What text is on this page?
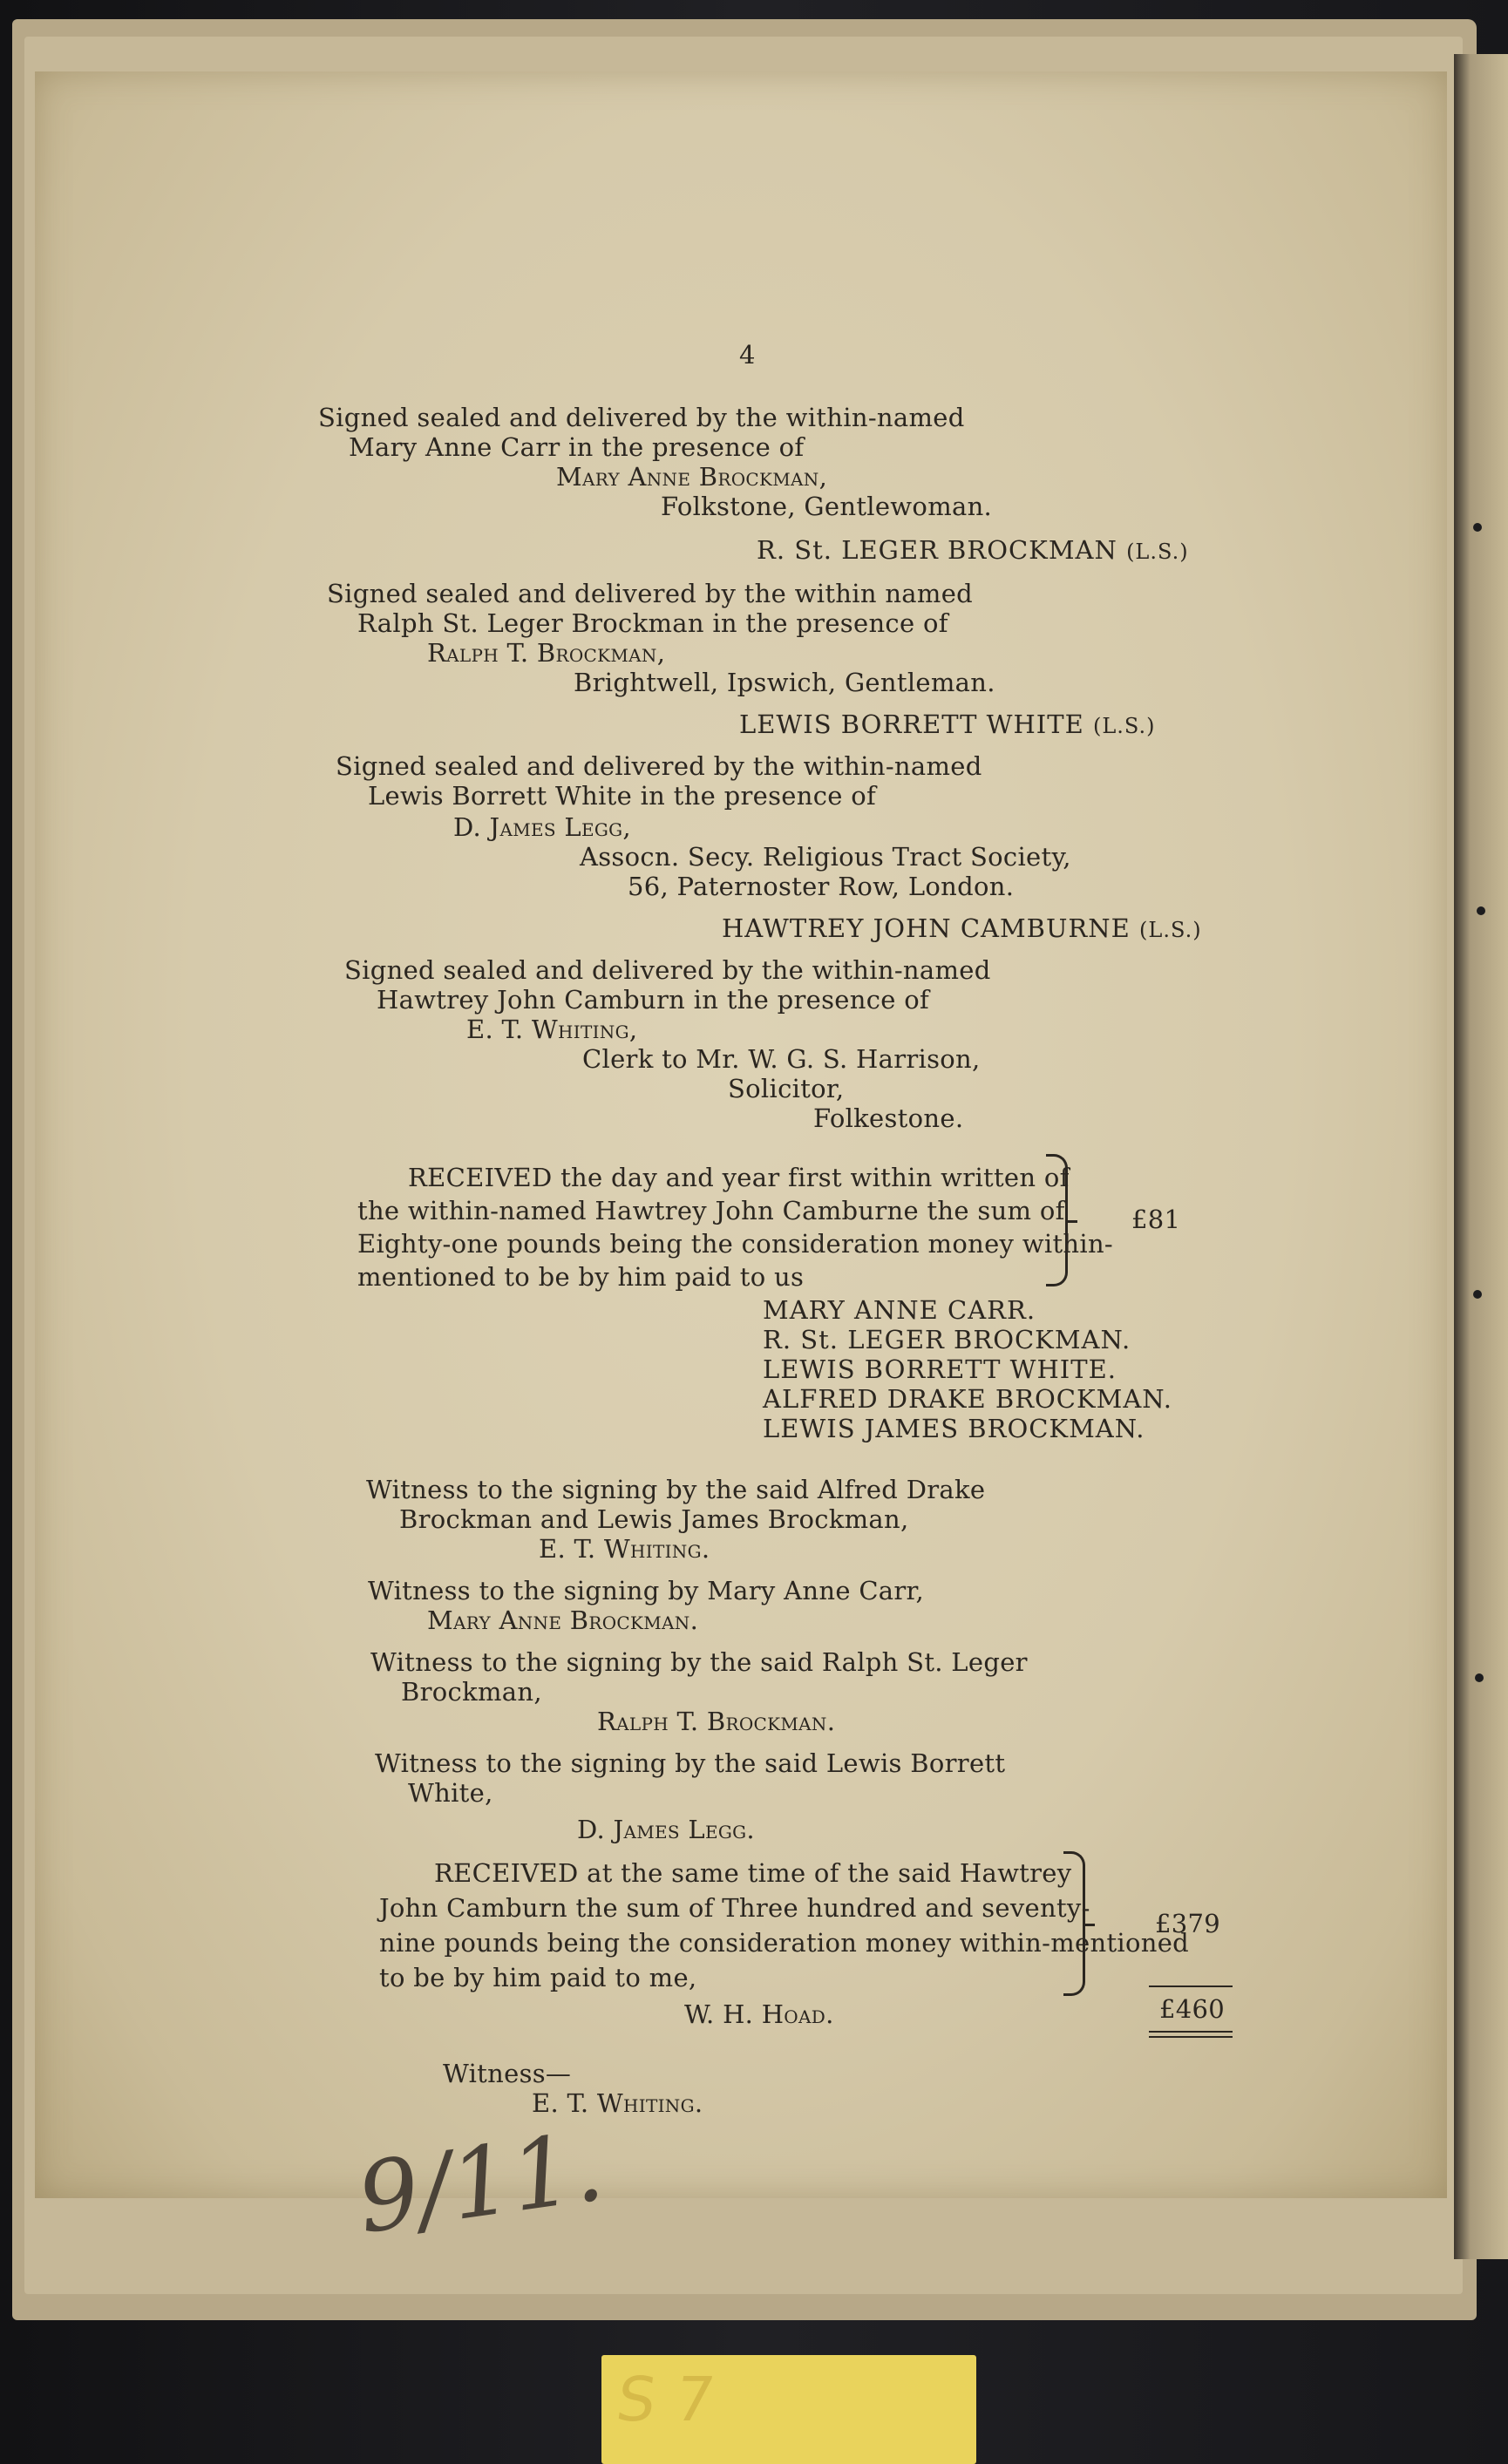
4
Signed sealed and delivered by the within-named
Mary Anne Carr in the presence of
Mary Anne Brockman,
Folkstone, Gentlewoman.
R. St. LEGER BROCKMAN (L.S.)
Signed sealed and delivered by the within named
Ralph St. Leger Brockman in the presence of
Ralph T. Brockman,
Brightwell, Ipswich, Gentleman.
LEWIS BORRETT WHITE (L.S.)
Signed sealed and delivered by the within-named
Lewis Borrett White in the presence of
D. James Legg,
Assocn. Secy. Religious Tract Society,
56, Paternoster Row, London.
HAWTREY JOHN CAMBURNE (L.S.)
Signed sealed and delivered by the within-named
Hawtrey John Camburn in the presence of
E. T. Whiting,
Clerk to Mr. W. G. S. Harrison,
Solicitor,
Folkestone.
RECEIVED the day and year first within written of
the within-named Hawtrey John Camburne the sum of
Eighty-one pounds being the consideration money within-
mentioned to be by him paid to us
£81
MARY ANNE CARR.
R. St. LEGER BROCKMAN.
LEWIS BORRETT WHITE.
ALFRED DRAKE BROCKMAN.
LEWIS JAMES BROCKMAN.
Witness to the signing by the said Alfred Drake
Brockman and Lewis James Brockman,
E. T. Whiting.
Witness to the signing by Mary Anne Carr,
Mary Anne Brockman.
Witness to the signing by the said Ralph St. Leger
Brockman,
Ralph T. Brockman.
Witness to the signing by the said Lewis Borrett
White,
D. James Legg.
RECEIVED at the same time of the said Hawtrey
John Camburn the sum of Three hundred and seventy-
nine pounds being the consideration money within-mentioned
to be by him paid to me,
£379
£460
W. H. Hoad.
Witness—
E. T. Whiting.
9/11.
S 7
